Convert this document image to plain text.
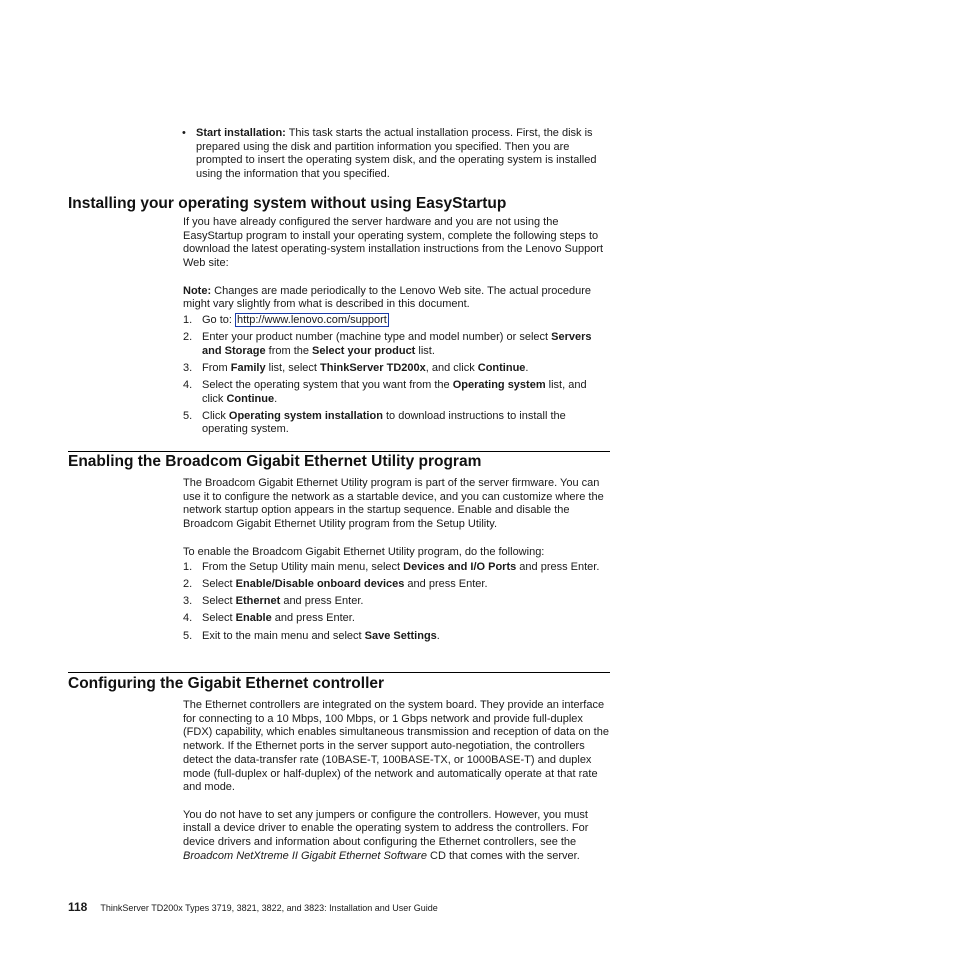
• Start installation: This task starts the actual installation process. First, the disk is prepared using the disk and partition information you specified. Then you are prompted to insert the operating system disk, and the operating system is installed using the information that you specified.
Installing your operating system without using EasyStartup

If you have already configured the server hardware and you are not using the EasyStartup program to install your operating system, complete the following steps to download the latest operating-system installation instructions from the Lenovo Support Web site:

Note: Changes are made periodically to the Lenovo Web site. The actual procedure might vary slightly from what is described in this document.

1. Go to: http://www.lenovo.com/support
2. Enter your product number (machine type and model number) or select Servers and Storage from the Select your product list.
3. From Family list, select ThinkServer TD200x, and click Continue.
4. Select the operating system that you want from the Operating system list, and click Continue.
5. Click Operating system installation to download instructions to install the operating system.
Enabling the Broadcom Gigabit Ethernet Utility program

The Broadcom Gigabit Ethernet Utility program is part of the server firmware. You can use it to configure the network as a startable device, and you can customize where the network startup option appears in the startup sequence. Enable and disable the Broadcom Gigabit Ethernet Utility program from the Setup Utility.

To enable the Broadcom Gigabit Ethernet Utility program, do the following:

1. From the Setup Utility main menu, select Devices and I/O Ports and press Enter.
2. Select Enable/Disable onboard devices and press Enter.
3. Select Ethernet and press Enter.
4. Select Enable and press Enter.
5. Exit to the main menu and select Save Settings.
Configuring the Gigabit Ethernet controller

The Ethernet controllers are integrated on the system board. They provide an interface for connecting to a 10 Mbps, 100 Mbps, or 1 Gbps network and provide full-duplex (FDX) capability, which enables simultaneous transmission and reception of data on the network. If the Ethernet ports in the server support auto-negotiation, the controllers detect the data-transfer rate (10BASE-T, 100BASE-TX, or 1000BASE-T) and duplex mode (full-duplex or half-duplex) of the network and automatically operate at that rate and mode.

You do not have to set any jumpers or configure the controllers. However, you must install a device driver to enable the operating system to address the controllers. For device drivers and information about configuring the Ethernet controllers, see the Broadcom NetXtreme II Gigabit Ethernet Software CD that comes with the server.

118 ThinkServer TD200x Types 3719, 3821, 3822, and 3823: Installation and User Guide
